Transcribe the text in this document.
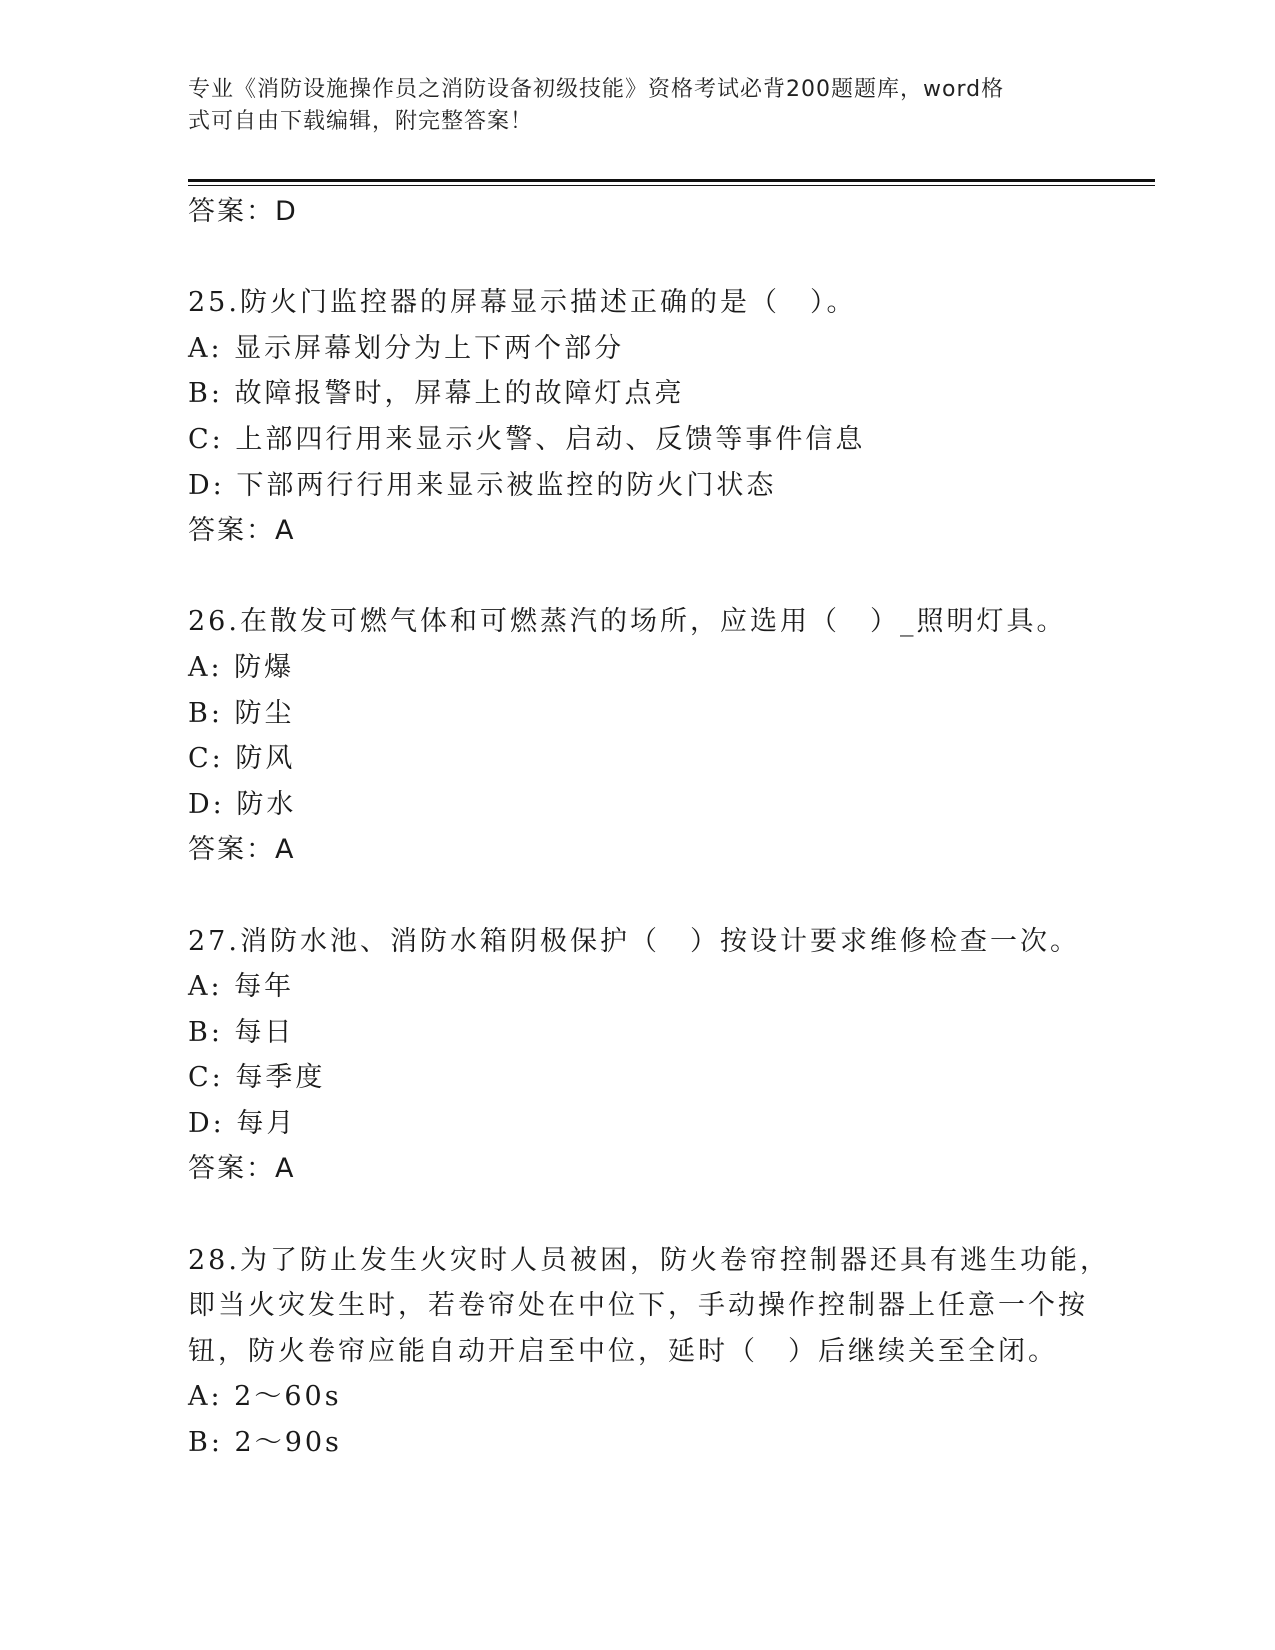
专业《消防设施操作员之消防设备初级技能》资格考试必背200题题库，word格
式可自由下载编辑，附完整答案！
答案：D
25.防火门监控器的屏幕显示描述正确的是（　）。
A: 显示屏幕划分为上下两个部分
B: 故障报警时，屏幕上的故障灯点亮
C: 上部四行用来显示火警、启动、反馈等事件信息
D: 下部两行行用来显示被监控的防火门状态
答案：A
26.在散发可燃气体和可燃蒸汽的场所，应选用（　）_照明灯具。
A: 防爆
B: 防尘
C: 防风
D: 防水
答案：A
27.消防水池、消防水箱阴极保护（　）按设计要求维修检查一次。
A: 每年
B: 每日
C: 每季度
D: 每月
答案：A
28.为了防止发生火灾时人员被困，防火卷帘控制器还具有逃生功能，
即当火灾发生时，若卷帘处在中位下，手动操作控制器上任意一个按
钮，防火卷帘应能自动开启至中位，延时（　）后继续关至全闭。
A: 2～60s
B: 2～90s
